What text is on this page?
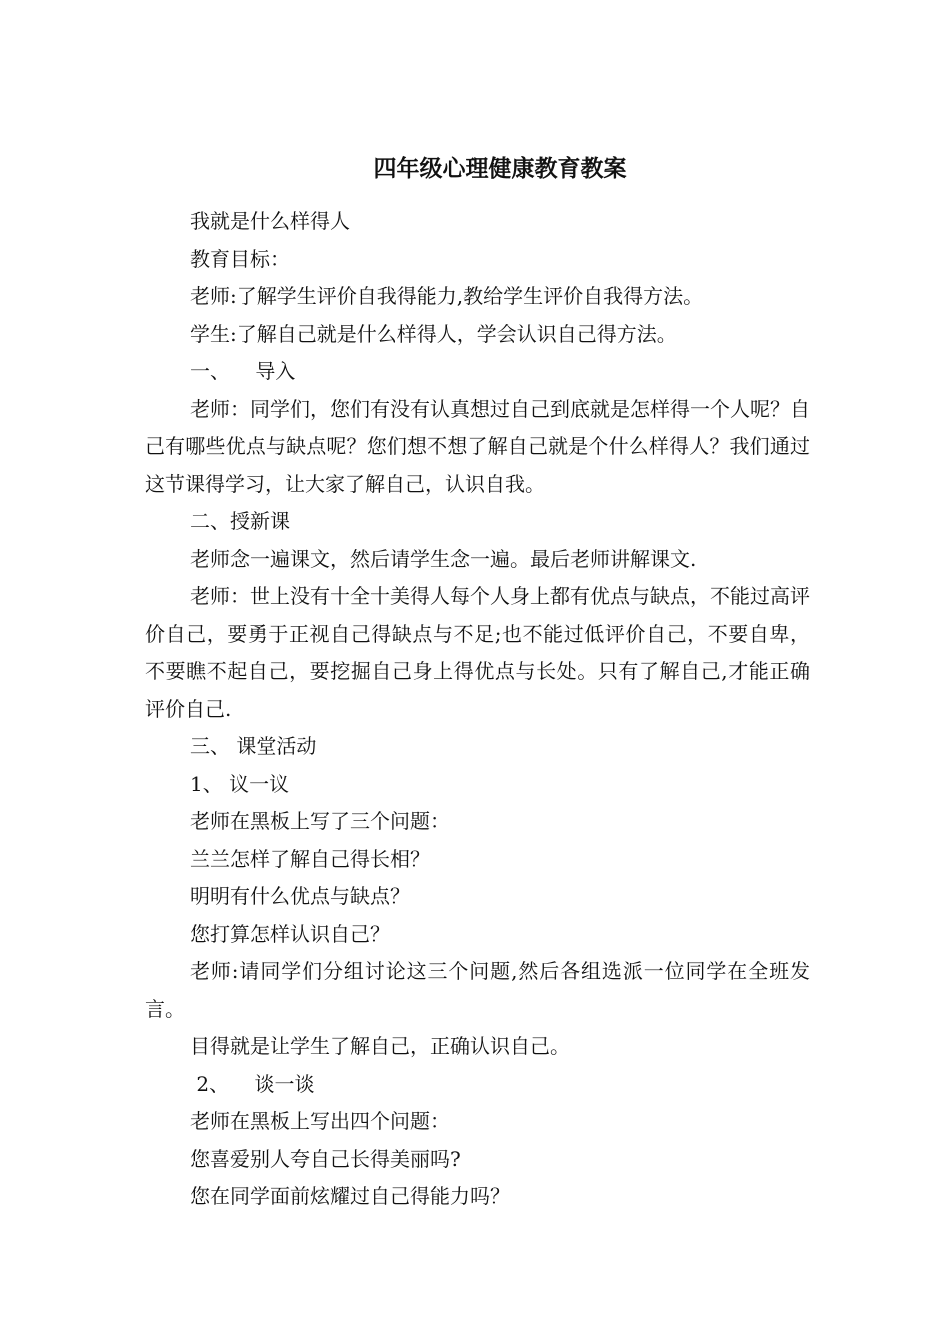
四年级心理健康教育教案

我就是什么样得人

教育目标：

老师:了解学生评价自我得能力,教给学生评价自我得方法。

学生:了解自己就是什么样得人，学会认识自己得方法。

一、    导入

老师：同学们，您们有没有认真想过自己到底就是怎样得一个人呢？自己有哪些优点与缺点呢？您们想不想了解自己就是个什么样得人？我们通过这节课得学习，让大家了解自己，认识自我。

二、授新课

老师念一遍课文，然后请学生念一遍。最后老师讲解课文.

老师：世上没有十全十美得人每个人身上都有优点与缺点，不能过高评价自己，要勇于正视自己得缺点与不足;也不能过低评价自己，不要自卑，不要瞧不起自己，要挖掘自己身上得优点与长处。只有了解自己,才能正确评价自己.

三、 课堂活动

1、 议一议

老师在黑板上写了三个问题：

兰兰怎样了解自己得长相？

明明有什么优点与缺点？

您打算怎样认识自己？

老师:请同学们分组讨论这三个问题,然后各组选派一位同学在全班发言。

目得就是让学生了解自己，正确认识自己。

2、    谈一谈

老师在黑板上写出四个问题：

您喜爱别人夸自己长得美丽吗?

您在同学面前炫耀过自己得能力吗？
